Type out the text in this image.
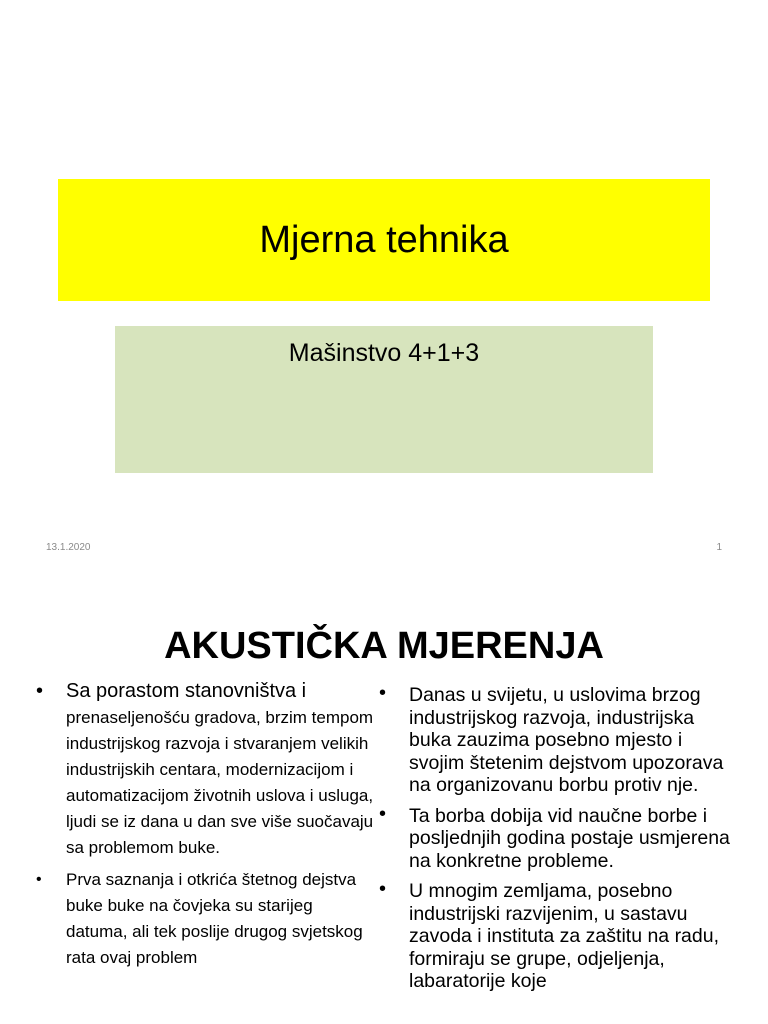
Mjerna tehnika
Mašinstvo 4+1+3
13.1.2020	1
AKUSTIČKA MJERENJA
• Sa porastom stanovništva i
prenaseljenošću gradova, brzim tempom industrijskog razvoja i stvaranjem velikih industrijskih centara, modernizacijom i automatizacijom životnih uslova i usluga, ljudi se iz dana u dan sve više suočavaju sa problemom buke.
• Prva saznanja i otkrića štetnog dejstva buke buke na čovjeka su starijeg datuma, ali tek poslije drugog svjetskog rata ovaj problem
• Danas u svijetu, u uslovima brzog industrijskog razvoja, industrijska buka zauzima posebno mjesto i svojim štetenim dejstvom upozorava na organizovanu borbu protiv nje.
• Ta borba dobija vid naučne borbe i posljednjih godina postaje usmjerena na konkretne probleme.
• U mnogim zemljama, posebno industrijski razvijenim, u sastavu zavoda i instituta za zaštitu na radu, formiraju se grupe, odjeljenja, labaratorije koje
